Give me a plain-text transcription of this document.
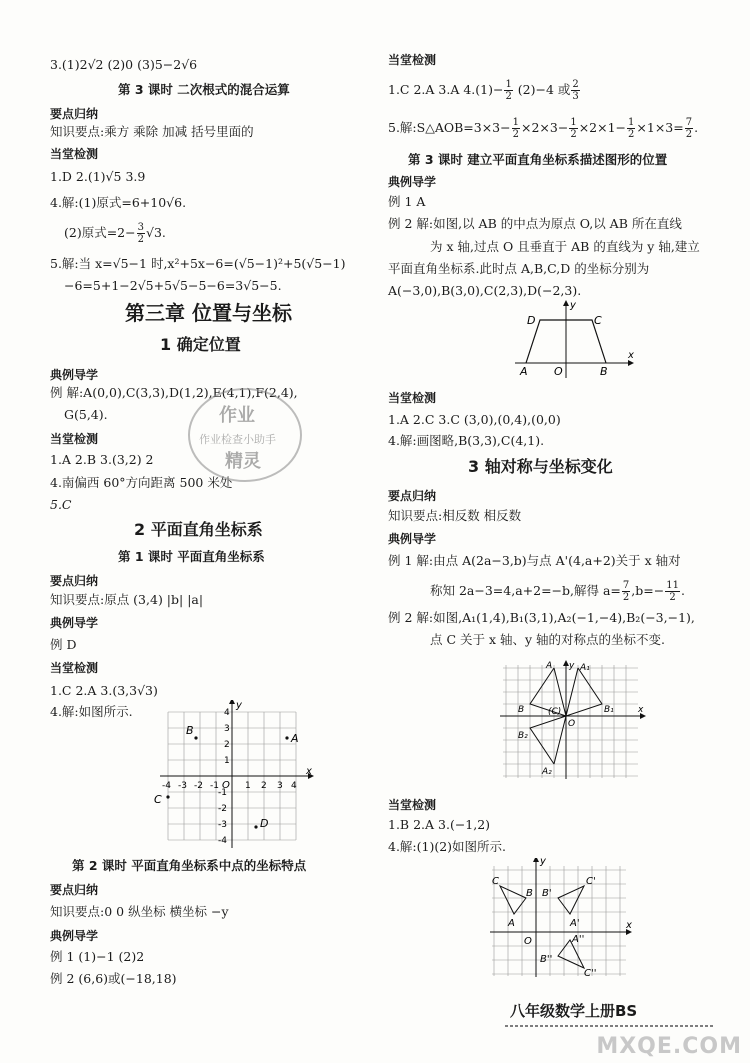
3.(1)2√2 (2)0 (3)5−2√6
第 3 课时 二次根式的混合运算
要点归纳
知识要点:乘方 乘除 加减 括号里面的
当堂检测
1.D 2.(1)√5 3.9
4.解:(1)原式=6+10√6.
(2)原式$=2- \frac{3}{2} √3$.
5.解:当 x=√5−1 时,x²+5x−6=(√5−1)²+5(√5−1)
−6=5+1−2√5+5√5−5−6=3√5−5.
第三章 位置与坐标
1 确定位置
典例导学
例 解:A(0,0),C(3,3),D(1,2),E(4,1),F(2,4),
G(5,4).
当堂检测
1.A 2.B 3.(3,2) 2
4.南偏西 60°方向距离 500 米处
5.C
2 平面直角坐标系
第 1 课时 平面直角坐标系
要点归纳
知识要点:原点 (3,4) |b| |a|
典例导学
例 D
当堂检测
1.C 2.A 3.(3,3√3)
4.解:如图所示.
第 2 课时 平面直角坐标系中点的坐标特点
要点归纳
知识要点:0 0 纵坐标 横坐标 −y
典例导学
例 1 (1)−1 (2)2
例 2 (6,6)或(−18,18)
x
y
O
-4 -3 -2 -1	1 2 3 4
4
3
2
1
-1
-2
-3
-4
B
A
C
D
当堂检测
1.C 2.A 3.A $4.(1)- \frac{1}{2} (2)-4$ 或 $\frac{2}{3}$
5.解:S△AOB=3×3− $\frac{1}{2} \times 2\times 3- \frac{1}{2} \times 2\times 1- \frac{1}{2} \times 1\times 3= \frac{7}{2}$ .
第 3 课时 建立平面直角坐标系描述图形的位置
典例导学
例 1 A
例 2 解:如图,以 AB 的中点为原点 O,以 AB 所在直线
为 x 轴,过点 O 且垂直于 AB 的直线为 y 轴,建立
平面直角坐标系.此时点 A,B,C,D 的坐标分别为
A(−3,0),B(3,0),C(2,3),D(−2,3).
当堂检测
1.A 2.C 3.C (3,0),(0,4),(0,0)
4.解:画图略,B(3,3),C(4,1).
3 轴对称与坐标变化
要点归纳
知识要点:相反数 相反数
典例导学
例 1 解:由点 A(2a−3,b)与点 A'(4,a+2)关于 x 轴对
称知 2a−3=4,a+2=−b,解得 $a= \frac{7}{2} ,b=- \frac{11}{2}$ .
例 2 解:如图,A₁(1,4),B₁(3,1),A₂(−1,−4),B₂(−3,−1),
点 C 关于 x 轴、y 轴的对称点的坐标不变.
当堂检测
1.B 2.A 3.(−1,2)
4.解:(1)(2)如图所示.
D	C
A O	B
x
y
A	A₁
B	B₁
(C)
O
B₂
A₂
x
y
C	C'
B B'
A	A'
O	A''
B''
C''
x
y
作业
作业检查小助手
精灵
八年级数学上册BS
MXQE.COM
